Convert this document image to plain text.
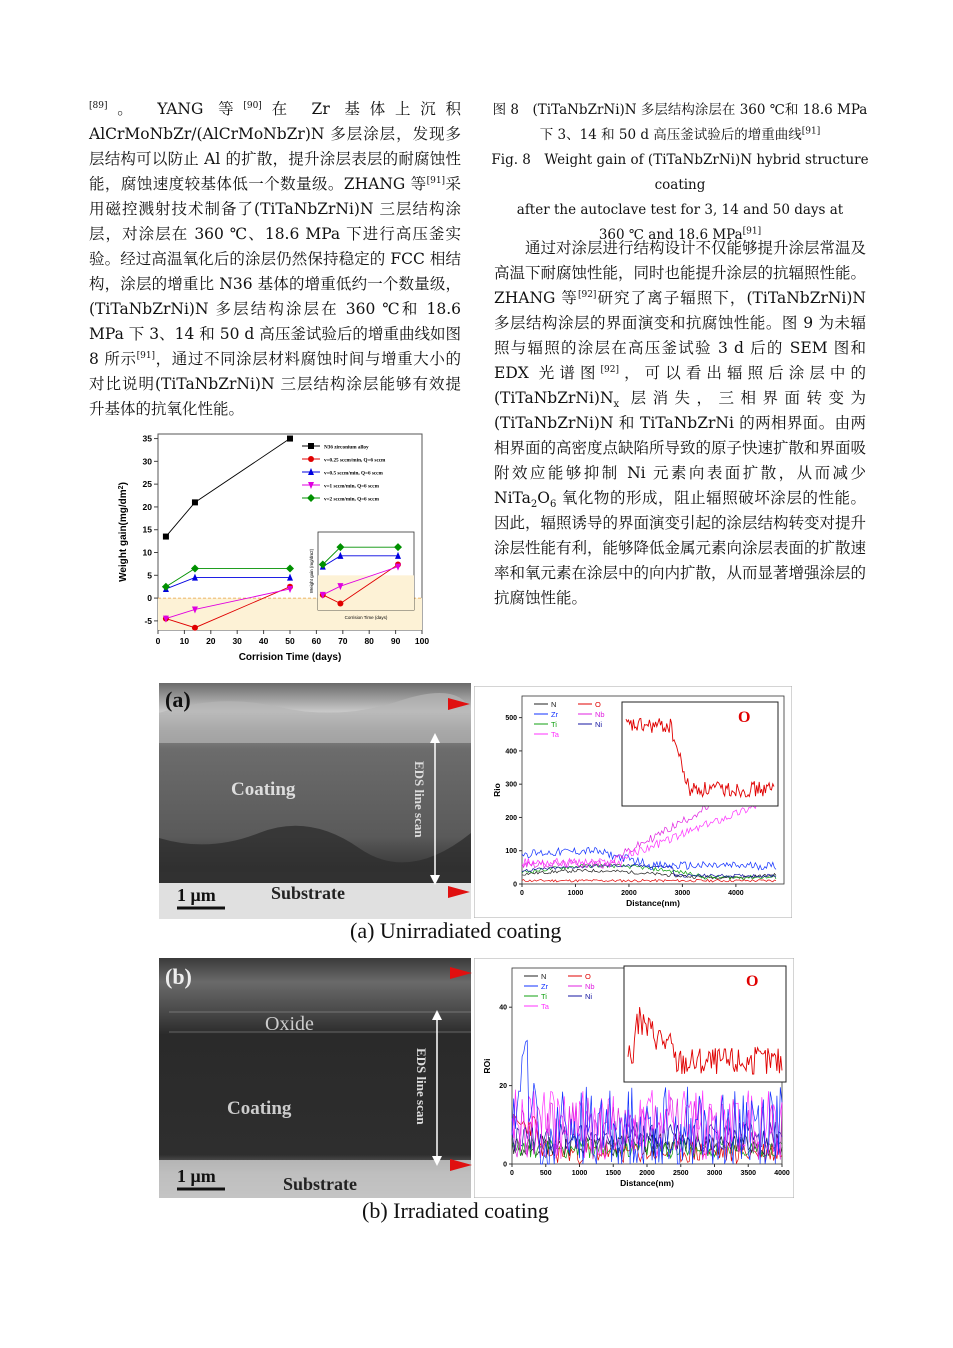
[89]。 YANG 等[90]在 Zr 基体上沉积 AlCrMoNbZr/(AlCrMoNbZr)N 多层涂层，发现多层结构可以防止 Al 的扩散，提升涂层表层的耐腐蚀性能，腐蚀速度较基体低一个数量级。ZHANG 等[91]采用磁控溅射技术制备了(TiTaNbZrNi)N 三层结构涂层，对涂层在 360 ℃、18.6 MPa 下进行高压釜实验。经过高温氧化后的涂层仍然保持稳定的 FCC 相结构，涂层的增重比 N36 基体的增重低约一个数量级，(TiTaNbZrNi)N 多层结构涂层在 360 ℃和 18.6 MPa 下 3、14 和 50 d 高压釜试验后的增重曲线如图 8 所示[91]，通过不同涂层材料腐蚀时间与增重大小的对比说明(TiTaNbZrNi)N 三层结构涂层能够有效提升基体的抗氧化性能。

图 8　(TiTaNbZrNi)N 多层结构涂层在 360 ℃和 18.6 MPa
下 3、14 和 50 d 高压釜试验后的增重曲线[91]

Fig. 8　Weight gain of (TiTaNbZrNi)N hybrid structure coating
after the autoclave test for 3, 14 and 50 days at
360 ℃ and 18.6 MPa[91]

通过对涂层进行结构设计不仅能够提升涂层常温及高温下耐腐蚀性能，同时也能提升涂层的抗辐照性能。ZHANG 等[92]研究了离子辐照下，(TiTaNbZrNi)N 多层结构涂层的界面演变和抗腐蚀性能。图 9 为未辐照与辐照的涂层在高压釜试验 3 d 后的 SEM 图和 EDX 光谱图[92]，可以看出辐照后涂层中的$(TiTaNbZrNi)N_x$ 层消失，三相界面转变为(TiTaNbZrNi)N 和 TiTaNbZrNi 的两相界面。由两相界面的高密度点缺陷所导致的原子快速扩散和界面吸附效应能够抑制 Ni 元素向表面扩散，从而减少 $NiTa_2O_6$ 氧化物的形成，阻止辐照破坏涂层的性能。因此，辐照诱导的界面演变引起的涂层结构转变对提升涂层性能有利，能够降低金属元素向涂层表面的扩散速率和氧元素在涂层中的向内扩散，从而显著增强涂层的抗腐蚀性能。

0 10 20 30 40 50 60 70 80 90 100
-5
0
5
10
15
20
25
30
35
N36 zirconium alloy
v=0.25 sccm/min, Q=6 sccm
v=0.5 sccm/min, Q=6 sccm
v=1 sccm/min, Q=6 sccm
v=2 sccm/min, Q=6 sccm
Corrision Time (days)
Weight gain (mg/dm2)
Corrision Time (days)
Weight $gain(mg/dm^2)$
(a)
Coating
Substrate
1 μm
EDS line scan
0
100
200
300
400
500
0	1000	2000	3000	4000
Distance(nm)
Rio
N	O
Zr	Nb
Ti	Ni
Ta
O
(a) Unirradiated coating
(b)
Oxide
Coating
Substrate
1 μm
EDS line scan
0
20
40
0	500	1000	1500	2000	2500	3000	3500	4000
Distance(nm)
ROi
N	O
Zr	Nb
Ti	Ni
Ta
O
(b) Irradiated coating
